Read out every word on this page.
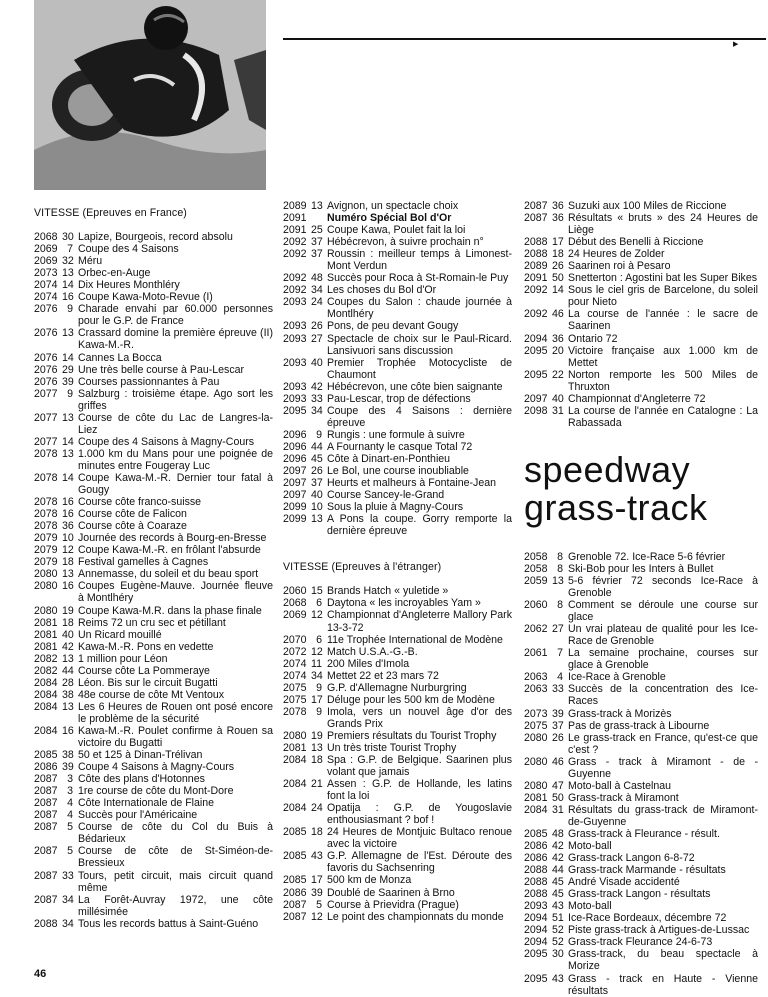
▶
VITESSE (Epreuves en France)
2068 30 Lapize, Bourgeois, record absolu
2069 7 Coupe des 4 Saisons
2069 32 Méru
2073 13 Orbec-en-Auge
2074 14 Dix Heures Monthléry
2074 16 Coupe Kawa-Moto-Revue (I)
2076 9 Charade envahi par 60.000 personnes pour le G.P. de France
2076 13 Crassard domine la première épreuve (II) Kawa-M.-R.
2076 14 Cannes La Bocca
2076 29 Une très belle course à Pau-Lescar
2076 39 Courses passionnantes à Pau
2077 9 Salzburg : troisième étape. Ago sort les griffes
2077 13 Course de côte du Lac de Langres-la-Liez
2077 14 Coupe des 4 Saisons à Magny-Cours
2078 13 1.000 km du Mans pour une poignée de minutes entre Fougeray Luc
2078 14 Coupe Kawa-M.-R. Dernier tour fatal à Gougy
2078 16 Course côte franco-suisse
2078 16 Course côte de Falicon
2078 36 Course côte à Coaraze
2079 10 Journée des records à Bourg-en-Bresse
2079 12 Coupe Kawa-M.-R. en frôlant l'absurde
2079 18 Festival gamelles à Cagnes
2080 13 Annemasse, du soleil et du beau sport
2080 16 Coupes Eugène-Mauve. Journée fleuve à Montlhéry
2080 19 Coupe Kawa-M.R. dans la phase finale
2081 18 Reims 72 un cru sec et pétillant
2081 40 Un Ricard mouillé
2081 42 Kawa-M.-R. Pons en vedette
2082 13 1 million pour Léon
2082 44 Course côte La Pommeraye
2084 28 Léon. Bis sur le circuit Bugatti
2084 38 48e course de côte Mt Ventoux
2084 13 Les 6 Heures de Rouen ont posé encore le problème de la sécurité
2084 16 Kawa-M.-R. Poulet confirme à Rouen sa victoire du Bugatti
2085 38 50 et 125 à Dinan-Trélivan
2086 39 Coupe 4 Saisons à Magny-Cours
2087 3 Côte des plans d'Hotonnes
2087 3 1re course de côte du Mont-Dore
2087 4 Côte Internationale de Flaine
2087 4 Succès pour l'Américaine
2087 5 Course de côte du Col du Buis à Bédarieux
2087 5 Course de côte de St-Siméon-de-Bressieux
2087 33 Tours, petit circuit, mais circuit quand même
2087 34 La Forêt-Auvray 1972, une côte millésimée
2088 34 Tous les records battus à Saint-Guéno
2089 13 Avignon, un spectacle choix
2091	Numéro Spécial Bol d'Or
2091 25 Coupe Kawa, Poulet fait la loi
2092 37 Hébécrevon, à suivre prochain n°
2092 37 Roussin : meilleur temps à Limonest-Mont Verdun
2092 48 Succès pour Roca à St-Romain-le Puy
2092 34 Les choses du Bol d'Or
2093 24 Coupes du Salon : chaude journée à Montlhéry
2093 26 Pons, de peu devant Gougy
2093 27 Spectacle de choix sur le Paul-Ricard. Lansivuori sans discussion
2093 40 Premier Trophée Motocycliste de Chaumont
2093 42 Hébécrevon, une côte bien saignante
2093 33 Pau-Lescar, trop de défections
2095 34 Coupe des 4 Saisons : dernière épreuve
2096 9 Rungis : une formule à suivre
2096 44 A Fournanty le casque Total 72
2096 45 Côte à Dinart-en-Ponthieu
2097 26 Le Bol, une course inoubliable
2097 37 Heurts et malheurs à Fontaine-Jean
2097 40 Course Sancey-le-Grand
2099 10 Sous la pluie à Magny-Cours
2099 13 A Pons la coupe. Gorry remporte la dernière épreuve
VITESSE (Epreuves à l'étranger)
2060 15 Brands Hatch « yuletide »
2068 6 Daytona « les incroyables Yam »
2069 12 Championnat d'Angleterre Mallory Park 13-3-72
2070 6 11e Trophée International de Modène
2072 12 Match U.S.A.-G.-B.
2074 11 200 Miles d'Imola
2074 34 Mettet 22 et 23 mars 72
2075 9 G.P. d'Allemagne Nurburgring
2075 17 Déluge pour les 500 km de Modène
2078 9 Imola, vers un nouvel âge d'or des Grands Prix
2080 19 Premiers résultats du Tourist Trophy
2081 13 Un très triste Tourist Trophy
2084 18 Spa : G.P. de Belgique. Saarinen plus volant que jamais
2084 21 Assen : G.P. de Hollande, les latins font la loi
2084 24 Opatija : G.P. de Yougoslavie enthousiasmant ? bof !
2085 18 24 Heures de Montjuic Bultaco renoue avec la victoire
2085 43 G.P. Allemagne de l'Est. Déroute des favoris du Sachsenring
2085 17 500 km de Monza
2086 39 Doublé de Saarinen à Brno
2087 5 Course à Prievidra (Prague)
2087 12 Le point des championnats du monde
2087 36 Suzuki aux 100 Miles de Riccione
2087 36 Résultats « bruts » des 24 Heures de Liège
2088 17 Début des Benelli à Riccione
2088 18 24 Heures de Zolder
2089 26 Saarinen roi à Pesaro
2091 50 Snetterton : Agostini bat les Super Bikes
2092 14 Sous le ciel gris de Barcelone, du soleil pour Nieto
2092 46 La course de l'année : le sacre de Saarinen
2094 36 Ontario 72
2095 20 Victoire française aux 1.000 km de Mettet
2095 22 Norton remporte les 500 Miles de Thruxton
2097 40 Championnat d'Angleterre 72
2098 31 La course de l'année en Catalogne : La Rabassada
speedway
grass-track
2058 8 Grenoble 72. Ice-Race 5-6 février
2058 8 Ski-Bob pour les Inters à Bullet
2059 13 5-6 février 72 seconds Ice-Race à Grenoble
2060 8 Comment se déroule une course sur glace
2062 27 Un vrai plateau de qualité pour les Ice-Race de Grenoble
2061 7 La semaine prochaine, courses sur glace à Grenoble
2063 4 Ice-Race à Grenoble
2063 33 Succès de la concentration des Ice-Races
2073 39 Grass-track à Morizès
2075 37 Pas de grass-track à Libourne
2080 26 Le grass-track en France, qu'est-ce que c'est ?
2080 46 Grass - track à Miramont - de - Guyenne
2080 47 Moto-ball à Castelnau
2081 50 Grass-track à Miramont
2084 31 Résultats du grass-track de Miramont-de-Guyenne
2085 48 Grass-track à Fleurance - résult.
2086 42 Moto-ball
2086 42 Grass-track Langon 6-8-72
2088 44 Grass-track Marmande - résultats
2088 45 André Visade accidenté
2088 45 Grass-track Langon - résultats
2093 43 Moto-ball
2094 51 Ice-Race Bordeaux, décembre 72
2094 52 Piste grass-track à Artigues-de-Lussac
2094 52 Grass-track Fleurance 24-6-73
2095 30 Grass-track, du beau spectacle à Morize
2095 43 Grass - track en Haute - Vienne résultats
46
